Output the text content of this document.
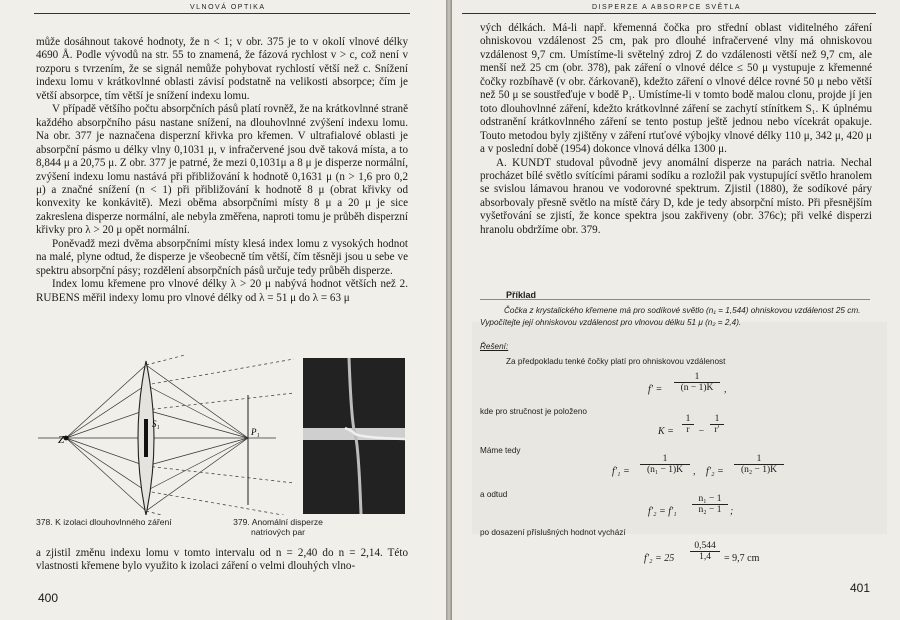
VLNOVÁ OPTIKA

může dosáhnout takové hodnoty, že n < 1; v obr. 375 je to v okolí vlnové délky 4690 Å. Podle vývodů na str. 55 to znamená, že fázová rychlost v > c, což není v rozporu s tvrzením, že se signál nemůže pohybovat rychlostí větší než c. Snížení indexu lomu v krátkovlnné oblasti závisí podstatně na velikosti absorpce; čím je větší absorpce, tím větší je snížení indexu lomu.

V případě většího počtu absorpčních pásů platí rovněž, že na krátkovlnné straně každého absorpčního pásu nastane snížení, na dlouhovlnné zvýšení indexu lomu. Na obr. 377 je naznačena disperzní křivka pro křemen. V ultrafialové oblasti je absorpční pásmo u délky vlny 0,1031 μ, v infračervené jsou dvě taková místa, a to 8,844 μ a 20,75 μ. Z obr. 377 je patrné, že mezi 0,1031μ a 8 μ je disperze normální, zvýšení indexu lomu nastává při přibližování k hodnotě 0,1631 μ (n > 1,6 pro 0,2 μ) a značné snížení (n < 1) při přibližování k hodnotě 8 μ (obrat křivky od konvexity ke konkávitě). Mezi oběma absorpčními místy 8 μ a 20 μ je sice zakreslena disperze normální, ale nebyla změřena, naproti tomu je průběh disperzní křivky pro λ > 20 μ opět normální.

Poněvadž mezi dvěma absorpčními místy klesá index lomu z vysokých hodnot na malé, plyne odtud, že disperze je všeobecně tím větší, čím těsněji jsou u sebe ve spektru absorpční pásy; rozdělení absorpčních pásů určuje tedy průběh disperze.

Index lomu křemene pro vlnové délky λ > 20 μ nabývá hodnot větších než 2. RUBENS měřil indexy lomu pro vlnové délky od λ = 51 μ do λ = 63 μ

Z
S₁
P₁
378. K izolaci dlouhovlnného záření	379. Anomální disperze natriových par

a zjistil změnu indexu lomu v tomto intervalu od n = 2,40 do n = 2,14. Této vlastnosti křemene bylo využito k izolaci záření o velmi dlouhých vlno-

400
DISPERZE A ABSORPCE SVĚTLA

vých délkách. Má-li např. křemenná čočka pro střední oblast viditelného záření ohniskovou vzdálenost 25 cm, pak pro dlouhé infračervené vlny má ohniskovou vzdálenost 9,7 cm. Umístíme-li světelný zdroj Z do vzdálenosti větší než 9,7 cm, ale menší než 25 cm (obr. 378), pak záření o vlnové délce ≤ 50 μ vystupuje z křemenné čočky rozbíhavě (v obr. čárkovaně), kdežto záření o vlnové délce rovné 50 μ nebo větší než 50 μ se soustřeďuje v bodě P₁. Umístíme-li v tomto bodě malou clonu, projde jí jen toto dlouhovlnné záření, kdežto krátkovlnné záření se zachytí stínítkem S₁. K úplnému odstranění krátkovlnného záření se tento postup ještě jednou nebo vícekrát opakuje. Touto metodou byly zjištěny v záření rtuťové výbojky vlnové délky 110 μ, 342 μ, 420 μ a v poslední době (1954) dokonce vlnová délka 1300 μ.

A. KUNDT studoval původně jevy anomální disperze na parách natria. Nechal procházet bílé světlo svítícími párami sodíku a rozložil pak vystupující světlo hranolem se svislou lámavou hranou ve vodorovné spektrum. Zjistil (1880), že sodíkové páry absorbovaly přesně světlo na místě čáry D, kde je tedy absorpční místo. Při přesnějším vyšetřování se zjistí, že konce spektra jsou zakřiveny (obr. 376c); při velké disperzi hranolu obdržíme obr. 379.

Příklad
Čočka z krystalického křemene má pro sodíkové světlo (n₁ = 1,544) ohniskovou vzdálenost 25 cm. Vypočítejte její ohniskovou vzdálenost pro vlnovou délku 51 μ (n₂ = 2,4).
Řešení:
Za předpokladu tenké čočky platí pro ohniskovou vzdálenost
$f' = \frac{1}{(n - 1)K}$ ,
kde pro stručnost je položeno
$K = \frac{1}{r} - \frac{1}{r'}$
Máme tedy
$f'_1 = \frac{1}{\text{(n₁ − 1)K}}$ , $f'_2 = \frac{1}{\text{(n₂ − 1)K}}$
a odtud
$f'_2 = f'_1 \frac{\text{n₁ − 1}}{\text{n₂ − 1}}$ ;
po dosazení příslušných hodnot vychází
$f'_2 = 25 \frac{0,544}{1,4} = 9,7$ cm
401
